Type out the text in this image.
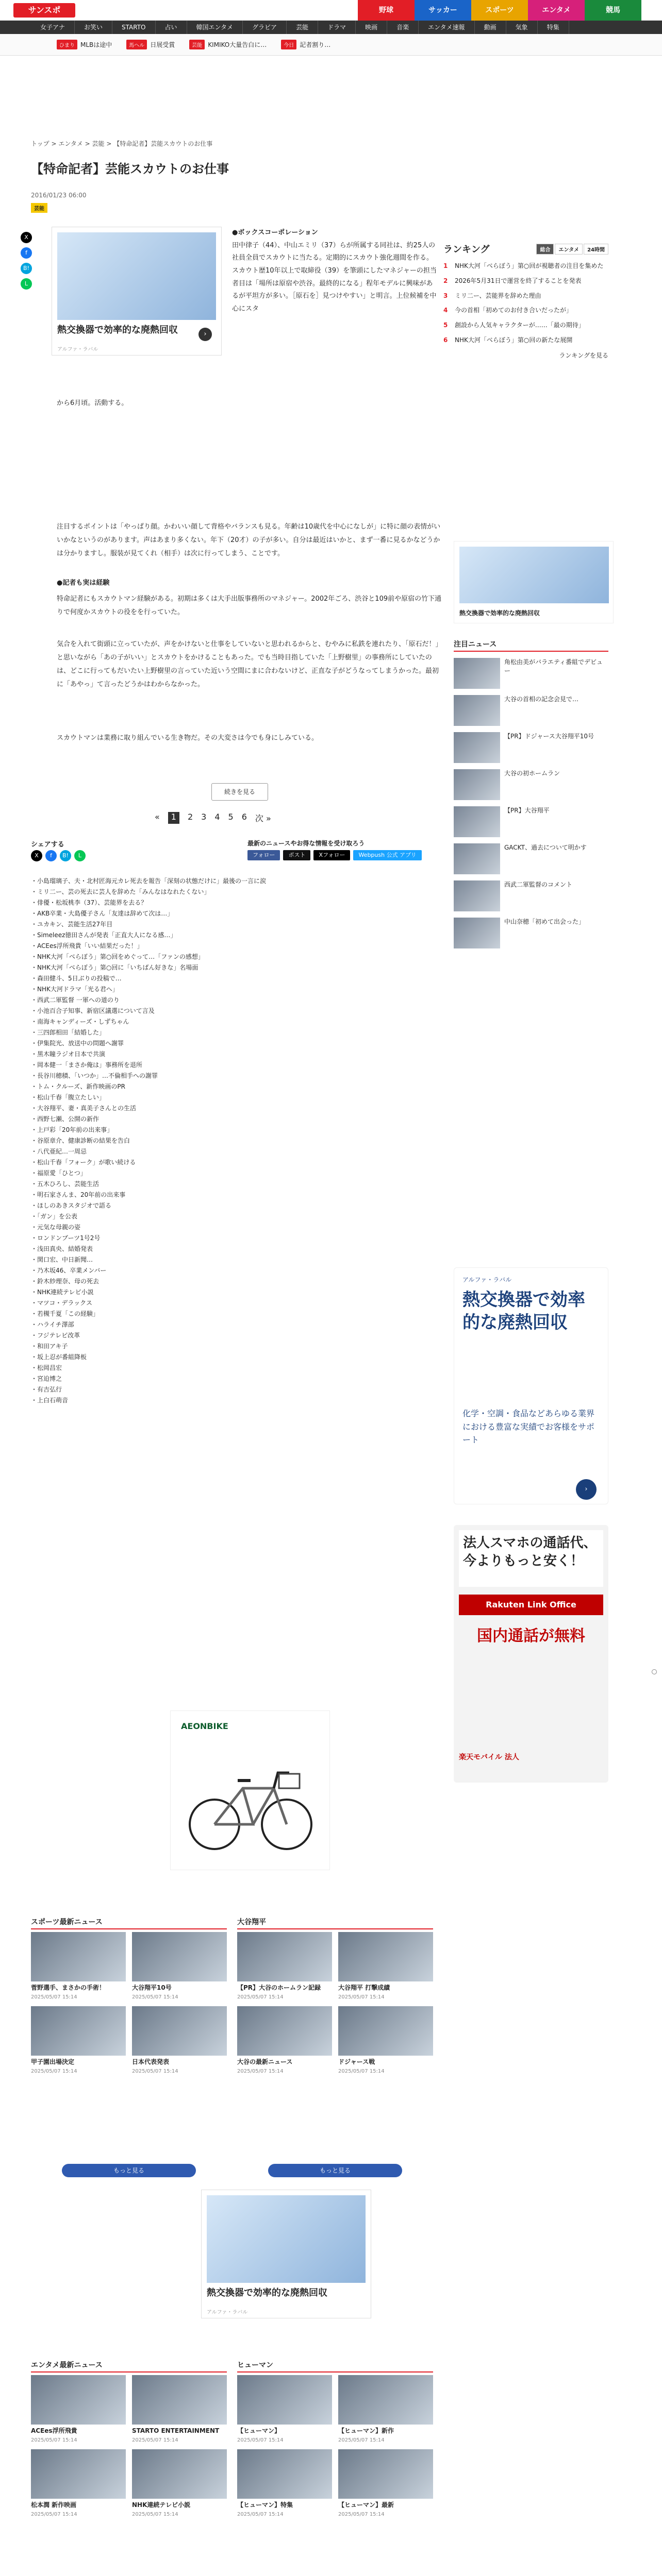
サンスポ	野球	サッカー	スポーツ	エンタメ	競馬
女子アナ	お笑い	STARTO	占い	韓国エンタメ	グラビア	芸能	ドラマ	映画	音楽	エンタメ速報	動画	気象	特集
ひまり MLBは途中	馬ヘル 日展受賞	芸能 KIMIKO大量告白に…	今日 記者割り…
トップ > エンタメ > 芸能 > 【特命記者】芸能スカウトのお仕事
【特命記者】芸能スカウトのお仕事
2016/01/23 06:00
芸能
X
f
B!
L
熱交換器で効率的な廃熱回収
アルファ・ラバル
›

●ボックスコーポレーション

田中律子（44）、中山エミリ（37）らが所属する同社は、約25人の社員全員でスカウトに当たる。定期的にスカウト強化週間を作る。

スカウト歴10年以上で取締役（39）を筆頭にしたマネジャーの担当者目は「場所は原宿や渋谷。最終的になる」程年モデルに興味があるが平坦方が多い。［原石を］見つけやすい」と明言。上位候補を中心にスタ

から6月頃。活動する。

注目するポイントは「やっぱり顔。かわいい顔して背格やバランスも見る。年齢は10歳代を中心になしが」に特に顔の表情がいいかなというのがあります。声はあまり多くない。年下（20才）の子が多い。自分は最近はいかと、まず一番に見るかなどうかは分かりますし。服装が見てくれ（相手）は次に行ってしまう、ことです。

●記者も実は経験

特命記者にもスカウトマン経験がある。初期は多くは大手出版事務所のマネジャー。2002年ごろ、渋谷と109前や原宿の竹下通りで何度かスカウトの役をを行っていた。

気合を入れて街頭に立っていたが、声をかけないと仕事をしていないと思われるからと、むやみに私鉄を連れたり、「原石だ！」と思いながら「あの子がいい」とスカウトをかけることもあった。でも当時目指していた「上野樹里」の事務所にしていたのは、どこに行ってもだいたい上野樹里の言っていた近いう空間にまに合わないけど、正直な子がどうなってしまうかった。最初に「あやっ」て言ったどうかはわからなかった。

スカウトマンは業務に取り組んでいる生き物だ。その大変さは今でも身にしみている。

続きを見る
«	1	2 3 4 5 6 次 »
シェアする
X	f	B!	L
最新のニュースやお得な情報を受け取ろう
フォロー	ポスト	Xフォロー	Webpush 公式 アプリ

・小島瑠璃子、夫・北村匠海元カレ死去を報告「深刻の状態だけに」最後の一言に涙

・ミリ二ー、芸の死去に芸人を辞めた「みんなはなれたくない」

・俳優・松坂桃李（37）、芸能界を去る？

・AKB卒業・大島優子さん「友達は辞めて次は…」

・ユカキン、芸能生活27年目

・Simeleez徳田さんが発表「正直大人になる感…」

・ACEes浮所飛貴「いい結果だった！」

・NHK大河「べらぼう」第○回をめぐって…「ファンの感想」

・NHK大河「べらぼう」第○回に「いちばん好きな」名場面

・森田健斗、5日ぶりの投稿で…

・NHK大河ドラマ「光る君へ」

・西武二軍監督 一軍への道のり

・小池百合子知事、新宿区議選について言及

・南海キャンディーズ・しずちゃん

・三四郎相田「結婚した」

・伊集院光、放送中の問題へ謝罪

・黒木瞳ラジオ日本で共演

・岡本健一「まさか俺は」事務所を退所

・長谷川穂積、「いつか」…不倫相手への謝罪

・トム・クルーズ、新作映画のPR

・松山千春「腹立たしい」

・大谷翔平、妻・真美子さんとの生活

・西野七瀬、公開の新作

・上戸彩「20年前の出来事」

・谷原章介、健康診断の結果を告白

・八代亜紀…一周忌

・松山千春「フォーク」が歌い続ける

・福原愛「ひとつ」

・五木ひろし、芸能生活

・明石家さんま、20年前の出来事

・ほしのあきスタジオで語る

・「ガン」を公表

・元気な母親の姿

・ロンドンブーツ1号2号

・浅田真央、結婚発表

・関口宏、中日新聞…

・乃木坂46、卒業メンバー

・鈴木紗理奈、母の死去

・NHK連続テレビ小説

・マツコ・デラックス

・若槻千夏「この経験」

・ハライチ澤部

・フジテレビ改革

・和田アキ子

・坂上忍が番組降板

・松岡昌宏

・宮迫博之

・有吉弘行

・上白石萌音

AEONBIKE
スポーツ最新ニュース
菅野選手、まさかの手術！
2025/05/07 15:14
大谷翔平10号
2025/05/07 15:14
甲子園出場決定
2025/05/07 15:14
日本代表発表
2025/05/07 15:14
もっと見る
大谷翔平
【PR】大谷のホームラン記録
2025/05/07 15:14
大谷翔平 打撃成績
2025/05/07 15:14
大谷の最新ニュース
2025/05/07 15:14
ドジャース戦
2025/05/07 15:14
もっと見る
熱交換器で効率的な廃熱回収
アルファ・ラバル
エンタメ最新ニュース
ACEes浮所飛貴
2025/05/07 15:14
STARTO ENTERTAINMENT
2025/05/07 15:14
松本潤 新作映画
2025/05/07 15:14
NHK連続テレビ小説
2025/05/07 15:14
ヒューマン
【ヒューマン】
2025/05/07 15:14
【ヒューマン】新作
2025/05/07 15:14
【ヒューマン】特集
2025/05/07 15:14
【ヒューマン】最新
2025/05/07 15:14
ランキング	総合	エンタメ	24時間
1	NHK大河「べらぼう」第○回が視聴者の注目を集めた
2	2026年5月31日で運営を終了することを発表
3	ミリ二ー、芸能界を辞めた理由
4	今の首相「初めてのお付き合いだったが」
5	創設から人気キャラクターが……「最の期待」
6	NHK大河「べらぼう」第○回の新たな展開
ランキングを見る
熱交換器で効率的な廃熱回収
注目ニュース
角松由美がバラエティ番組でデビュー
大谷の首相の記念会見で…
【PR】ドジャース大谷翔平10号
大谷の初ホームラン
【PR】大谷翔平
GACKT、過去について明かす
西武二軍監督のコメント
中山奈穂「初めて出会った」
アルファ・ラバル
熱交換器で効率的な廃熱回収
化学・空調・食品などあらゆる業界における豊富な実績でお客様をサポート
›
法人スマホの通話代、今よりもっと安く！
Rakuten Link Office
国内通話が無料
楽天モバイル 法人
